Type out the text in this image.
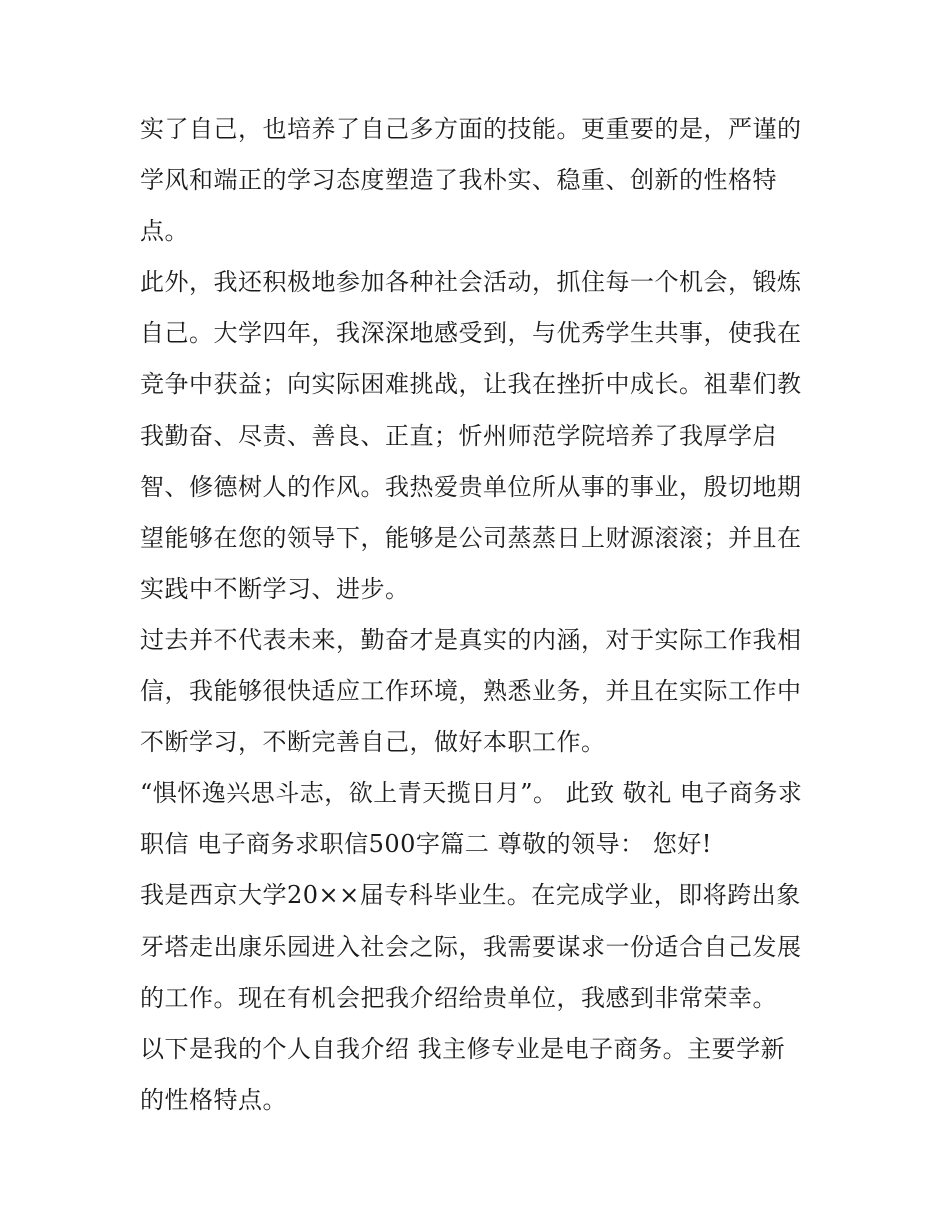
实了自己，也培养了自己多方面的技能。更重要的是，严谨的
学风和端正的学习态度塑造了我朴实、稳重、创新的性格特
点。
此外，我还积极地参加各种社会活动，抓住每一个机会，锻炼
自己。大学四年，我深深地感受到，与优秀学生共事，使我在
竞争中获益；向实际困难挑战，让我在挫折中成长。祖辈们教
我勤奋、尽责、善良、正直；忻州师范学院培养了我厚学启
智、修德树人的作风。我热爱贵单位所从事的事业，殷切地期
望能够在您的领导下，能够是公司蒸蒸日上财源滚滚；并且在
实践中不断学习、进步。
过去并不代表未来，勤奋才是真实的内涵，对于实际工作我相
信，我能够很快适应工作环境，熟悉业务，并且在实际工作中
不断学习，不断完善自己，做好本职工作。
“惧怀逸兴思斗志，欲上青天揽日月”。 此致 敬礼 电子商务求
职信 电子商务求职信500字篇二 尊敬的领导： 您好!
我是西京大学20××届专科毕业生。在完成学业，即将跨出象
牙塔走出康乐园进入社会之际，我需要谋求一份适合自己发展
的工作。现在有机会把我介绍给贵单位，我感到非常荣幸。
以下是我的个人自我介绍 我主修专业是电子商务。主要学新
的性格特点。
